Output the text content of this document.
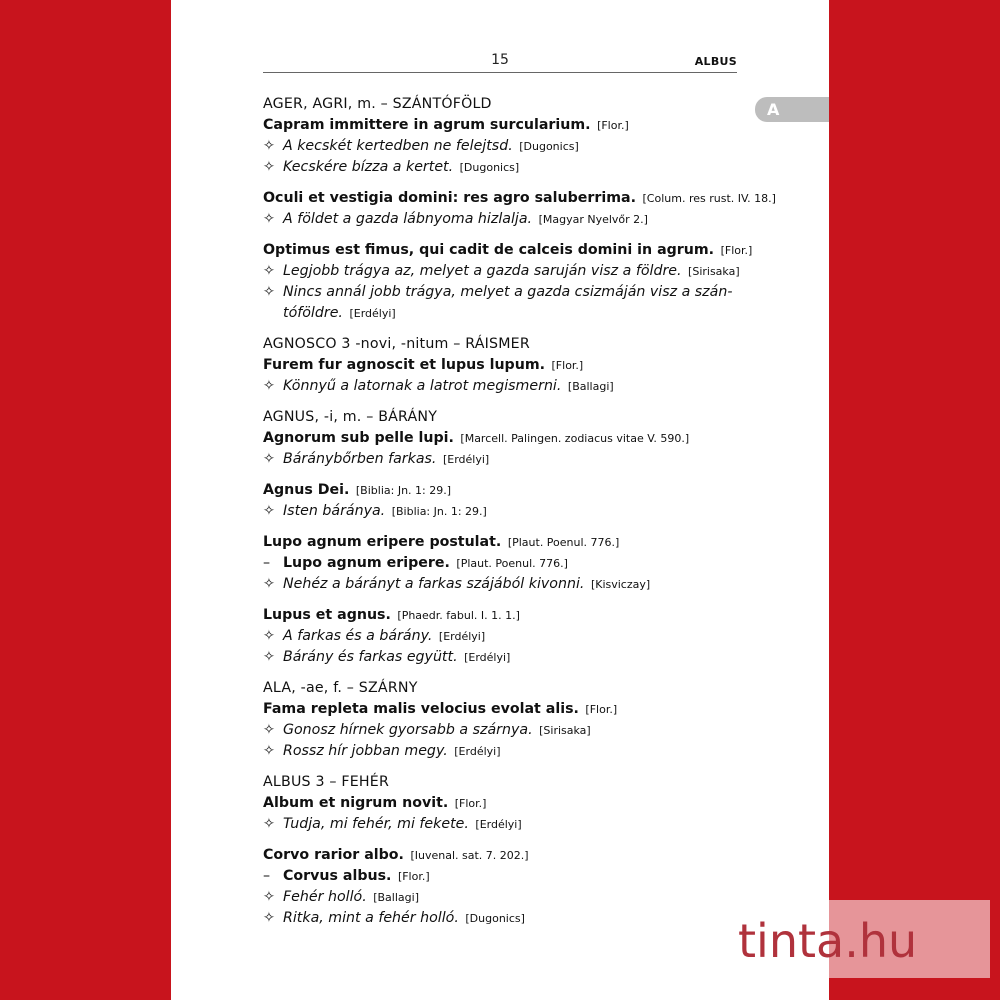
15	ALBUS
A
AGER, AGRI, m. – SZÁNTÓFÖLD
Capram immittere in agrum surcularium. [Flor.]
✧ A kecskét kertedben ne felejtsd. [Dugonics]
✧ Kecskére bízza a kertet. [Dugonics]
Oculi et vestigia domini: res agro saluberrima. [Colum. res rust. IV. 18.]
✧ A földet a gazda lábnyoma hizlalja. [Magyar Nyelvőr 2.]
Optimus est fimus, qui cadit de calceis domini in agrum. [Flor.]
✧ Legjobb trágya az, melyet a gazda saruján visz a földre. [Sirisaka]
✧ Nincs annál jobb trágya, melyet a gazda csizmáján visz a szán-
tóföldre. [Erdélyi]
AGNOSCO 3 -novi, -nitum – RÁISMER
Furem fur agnoscit et lupus lupum. [Flor.]
✧ Könnyű a latornak a latrot megismerni. [Ballagi]
AGNUS, -i, m. – BÁRÁNY
Agnorum sub pelle lupi. [Marcell. Palingen. zodiacus vitae V. 590.]
✧ Báránybőrben farkas. [Erdélyi]
Agnus Dei. [Biblia: Jn. 1: 29.]
✧ Isten báránya. [Biblia: Jn. 1: 29.]
Lupo agnum eripere postulat. [Plaut. Poenul. 776.]
– Lupo agnum eripere. [Plaut. Poenul. 776.]
✧ Nehéz a bárányt a farkas szájából kivonni. [Kisviczay]
Lupus et agnus. [Phaedr. fabul. I. 1. 1.]
✧ A farkas és a bárány. [Erdélyi]
✧ Bárány és farkas együtt. [Erdélyi]
ALA, -ae, f. – SZÁRNY
Fama repleta malis velocius evolat alis. [Flor.]
✧ Gonosz hírnek gyorsabb a szárnya. [Sirisaka]
✧ Rossz hír jobban megy. [Erdélyi]
ALBUS 3 – FEHÉR
Album et nigrum novit. [Flor.]
✧ Tudja, mi fehér, mi fekete. [Erdélyi]
Corvo rarior albo. [Iuvenal. sat. 7. 202.]
– Corvus albus. [Flor.]
✧ Fehér holló. [Ballagi]
✧ Ritka, mint a fehér holló. [Dugonics]	tinta.hu
